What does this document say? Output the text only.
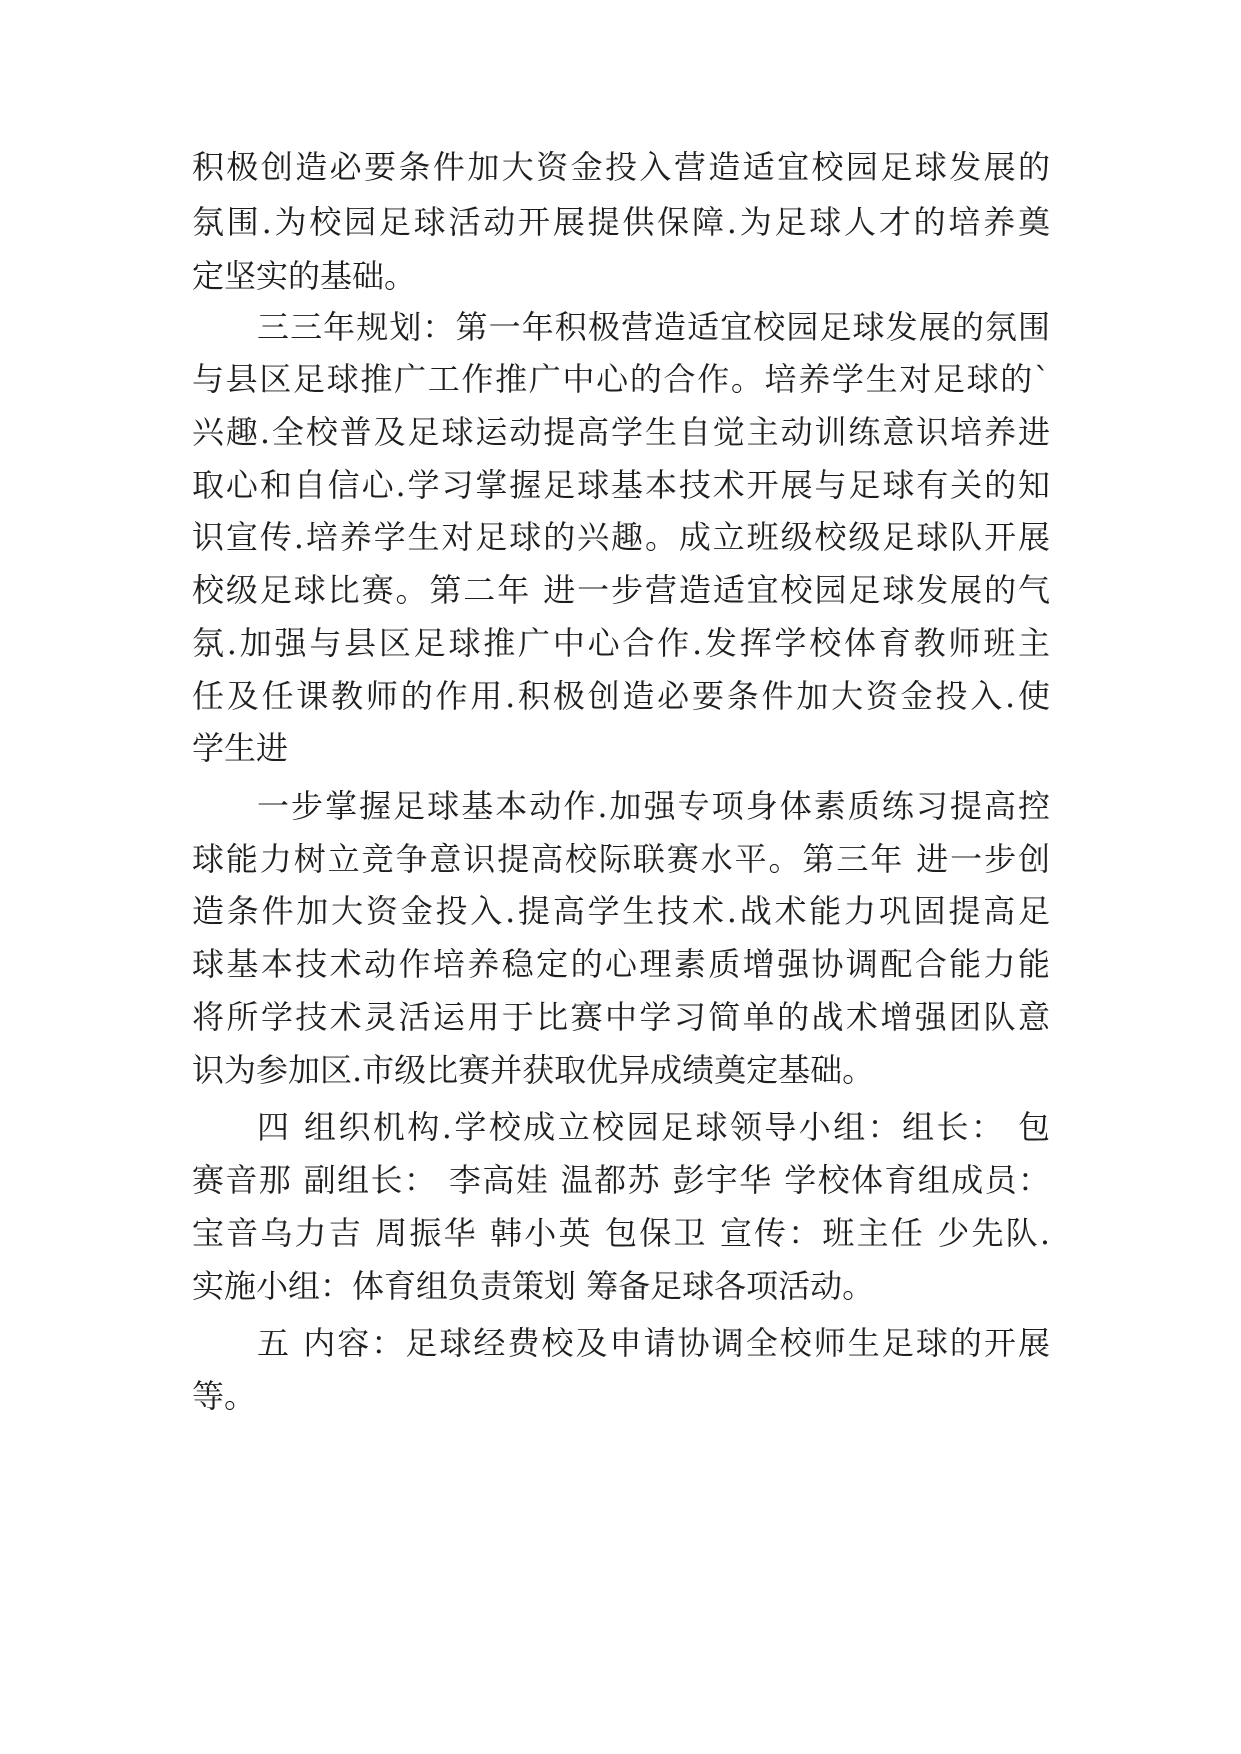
积极创造必要条件加大资金投入营造适宜校园足球发展的
氛围.为校园足球活动开展提供保障.为足球人才的培养奠
定坚实的基础。
三三年规划：第一年积极营造适宜校园足球发展的氛围
与县区足球推广工作推广中心的合作。培养学生对足球的`
兴趣.全校普及足球运动提高学生自觉主动训练意识培养进
取心和自信心.学习掌握足球基本技术开展与足球有关的知
识宣传.培养学生对足球的兴趣。成立班级校级足球队开展
校级足球比赛。第二年 进一步营造适宜校园足球发展的气
氛.加强与县区足球推广中心合作.发挥学校体育教师班主
任及任课教师的作用.积极创造必要条件加大资金投入.使
学生进
一步掌握足球基本动作.加强专项身体素质练习提高控
球能力树立竞争意识提高校际联赛水平。第三年 进一步创
造条件加大资金投入.提高学生技术.战术能力巩固提高足
球基本技术动作培养稳定的心理素质增强协调配合能力能
将所学技术灵活运用于比赛中学习简单的战术增强团队意
识为参加区.市级比赛并获取优异成绩奠定基础。
四 组织机构.学校成立校园足球领导小组：组长： 包
赛音那 副组长： 李高娃 温都苏 彭宇华 学校体育组成员：
宝音乌力吉 周振华 韩小英 包保卫 宣传：班主任 少先队.
实施小组：体育组负责策划 筹备足球各项活动。
五 内容：足球经费校及申请协调全校师生足球的开展
等。
